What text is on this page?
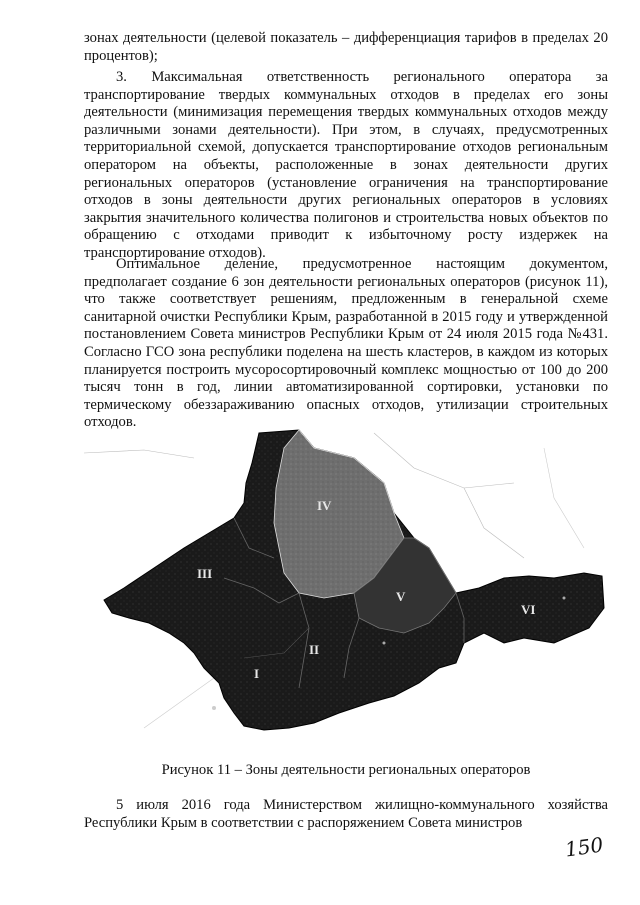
зонах деятельности (целевой показатель – дифференциация тарифов в пределах 20 процентов);

3. Максимальная ответственность регионального оператора за транспортирование твердых коммунальных отходов в пределах его зоны деятельности (минимизация перемещения твердых коммунальных отходов между различными зонами деятельности). При этом, в случаях, предусмотренных территориальной схемой, допускается транспортирование отходов региональным оператором на объекты, расположенные в зонах деятельности других региональных операторов (установление ограничения на транспортирование отходов в зоны деятельности других региональных операторов в условиях закрытия значительного количества полигонов и строительства новых объектов по обращению с отходами приводит к избыточному росту издержек на транспортирование отходов).

Оптимальное деление, предусмотренное настоящим документом, предполагает создание 6 зон деятельности региональных операторов (рисунок 11), что также соответствует решениям, предложенным в генеральной схеме санитарной очистки Республики Крым, разработанной в 2015 году и утвержденной постановлением Совета министров Республики Крым от 24 июля 2015 года №431. Согласно ГСО зона республики поделена на шесть кластеров, в каждом из которых планируется построить мусоросортировочный комплекс мощностью от 100 до 200 тысяч тонн в год, линии автоматизированной сортировки, установки по термическому обеззараживанию опасных отходов, утилизации строительных отходов.

IV
III
V
VI
II
I
Рисунок 11 – Зоны деятельности региональных операторов

5 июля 2016 года Министерством жилищно-коммунального хозяйства Республики Крым в соответствии с распоряжением Совета министров

150
